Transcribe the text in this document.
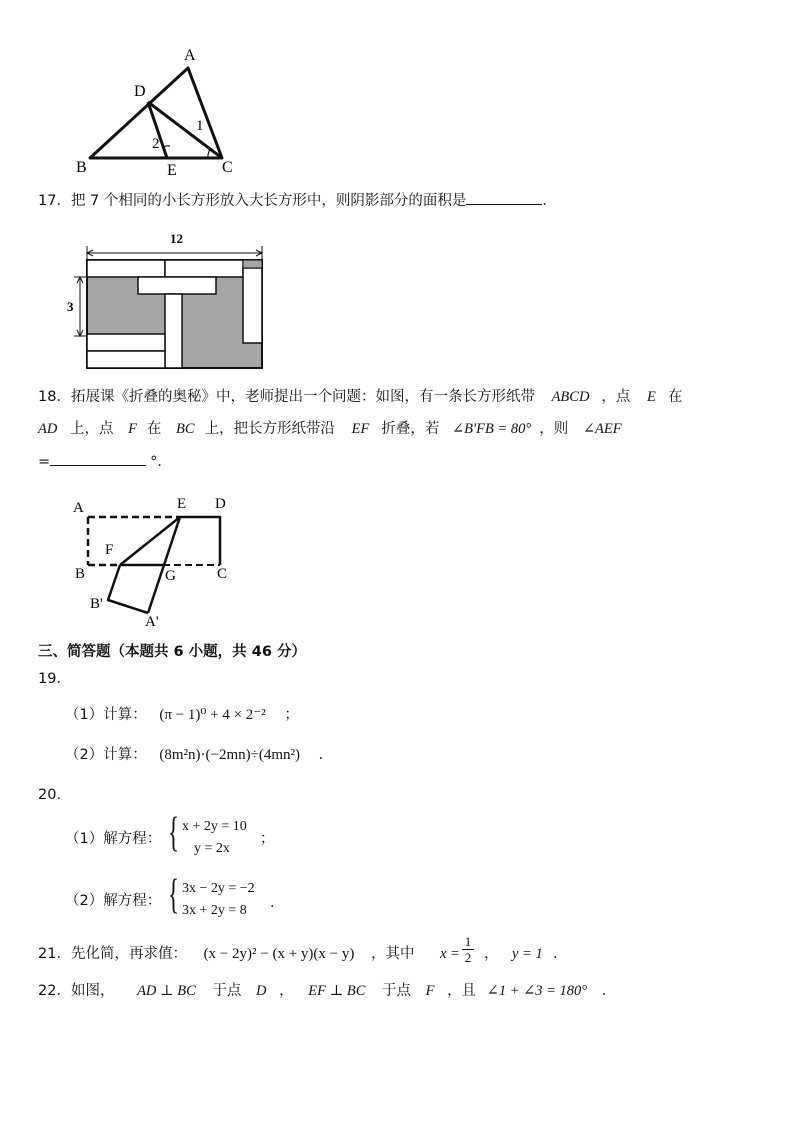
A
D
B	E	C
1
2
17．把 7 个相同的小长方形放入大长方形中，则阴影部分的面积是	．
12
3
18．拓展课《折叠的奥秘》中，老师提出一个问题：如图，有一条长方形纸带 ABCD ，点 E 在
AD 上，点 F 在 BC 上，把长方形纸带沿 EF 折叠，若 ∠B′FB = 80° ，则 ∠AEF
=	°．
A	E D
F
B	G	C
B'
A'
三、简答题（本题共 6 小题，共 46 分）
19．
（1）计算： (π − 1)⁰ + 4 × 2⁻² ；
（2）计算： (8m²n)·(−2mn)÷(4mn²) ．
20．
（1）解方程： { x + 2y = 10
y = 2x
；
（2）解方程： { 3x − 2y = −2
3x + 2y = 8	．
21．先化简，再求值： (x − 2y)² − (x + y)(x − y) ，其中 $x = \frac{1}{2}$ ， y = 1 ．
22．如图， AD ⊥ BC 于点 D ， EF ⊥ BC 于点 F ，且 ∠1 + ∠3 = 180° ．
